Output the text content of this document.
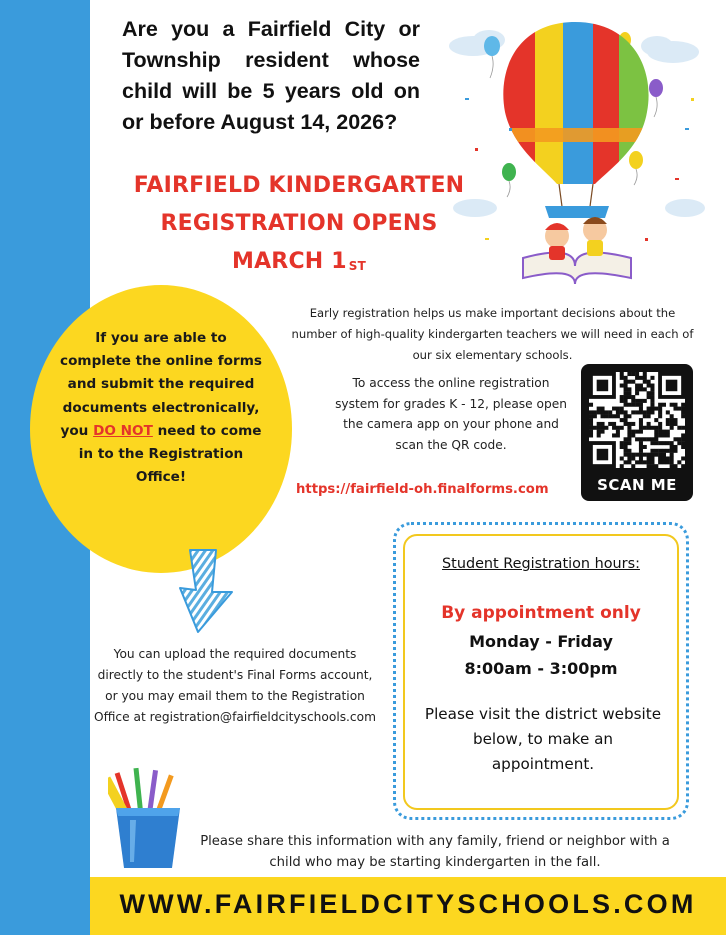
Are you a Fairfield City or Township resident whose child will be 5 years old on or before August 14, 2026?
FAIRFIELD KINDERGARTEN
REGISTRATION OPENS
MARCH 1 $^{ST}$
Early registration helps us make important decisions about the number of high-quality kindergarten teachers we will need in each of our six elementary schools.
If you are able to complete the online forms and submit the required documents electronically, you DO NOT need to come in to the Registration Office!
To access the online registration system for grades K - 12, please open the camera app on your phone and scan the QR code.
https://fairfield-oh.finalforms.com	SCAN ME
You can upload the required documents directly to the student's Final Forms account, or you may email them to the Registration Office at registration@fairfieldcityschools.com
Student Registration hours:
By appointment only
Monday - Friday
8:00am - 3:00pm
Please visit the district website below, to make an appointment.
Please share this information with any family, friend or neighbor with a child who may be starting kindergarten in the fall.
WWW.FAIRFIELDCITYSCHOOLS.COM
